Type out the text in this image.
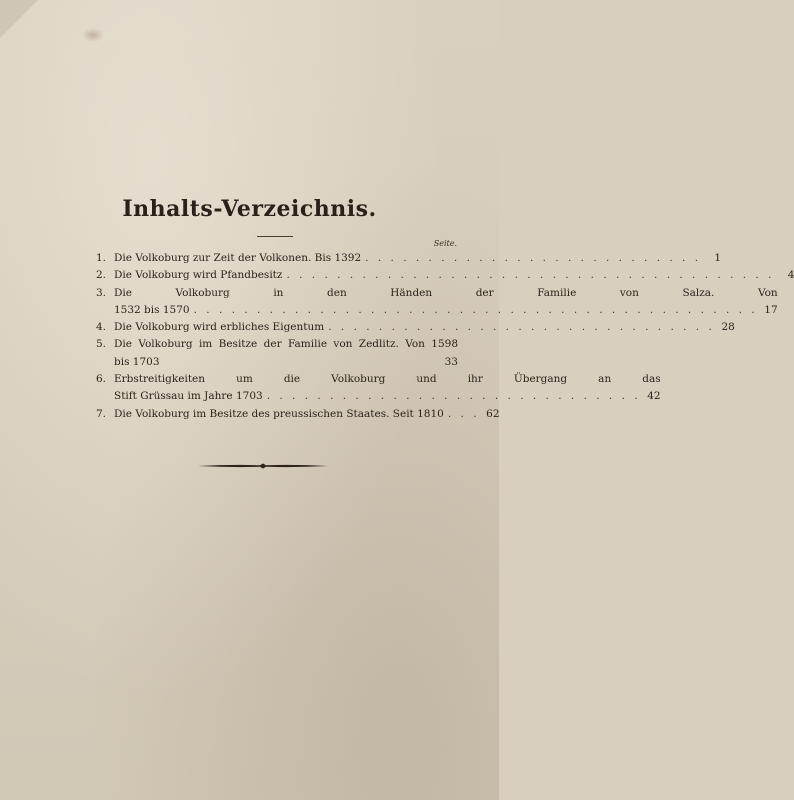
Inhalts-Verzeichnis.
Seite.
1. Die Volkoburg zur Zeit der Volkonen. Bis 1392 . . . . . . . . . . . . . . . . . . . . . . . . . . .	1
2. Die Volkoburg wird Pfandbesitz . . . . . . . . . . . . . . . . . . . . . . . . . . . . . . . . . . . . . . .	4
3. Die Volkoburg in den Händen der Familie von Salza. Von
1532 bis 1570 . . . . . . . . . . . . . . . . . . . . . . . . . . . . . . . . . . . . . . . . . . . . . 17
4. Die Volkoburg wird erbliches Eigentum . . . . . . . . . . . . . . . . . . . . . . . . . . . . . . . 28
5. Die Volkoburg im Besitze der Familie von Zedlitz. Von 1598
bis 1703	33
6. Erbstreitigkeiten um die Volkoburg und ihr Übergang an das
Stift Grüssau im Jahre 1703 . . . . . . . . . . . . . . . . . . . . . . . . . . . . . . 42
7. Die Volkoburg im Besitze des preussischen Staates. Seit 1810 . . . 62
